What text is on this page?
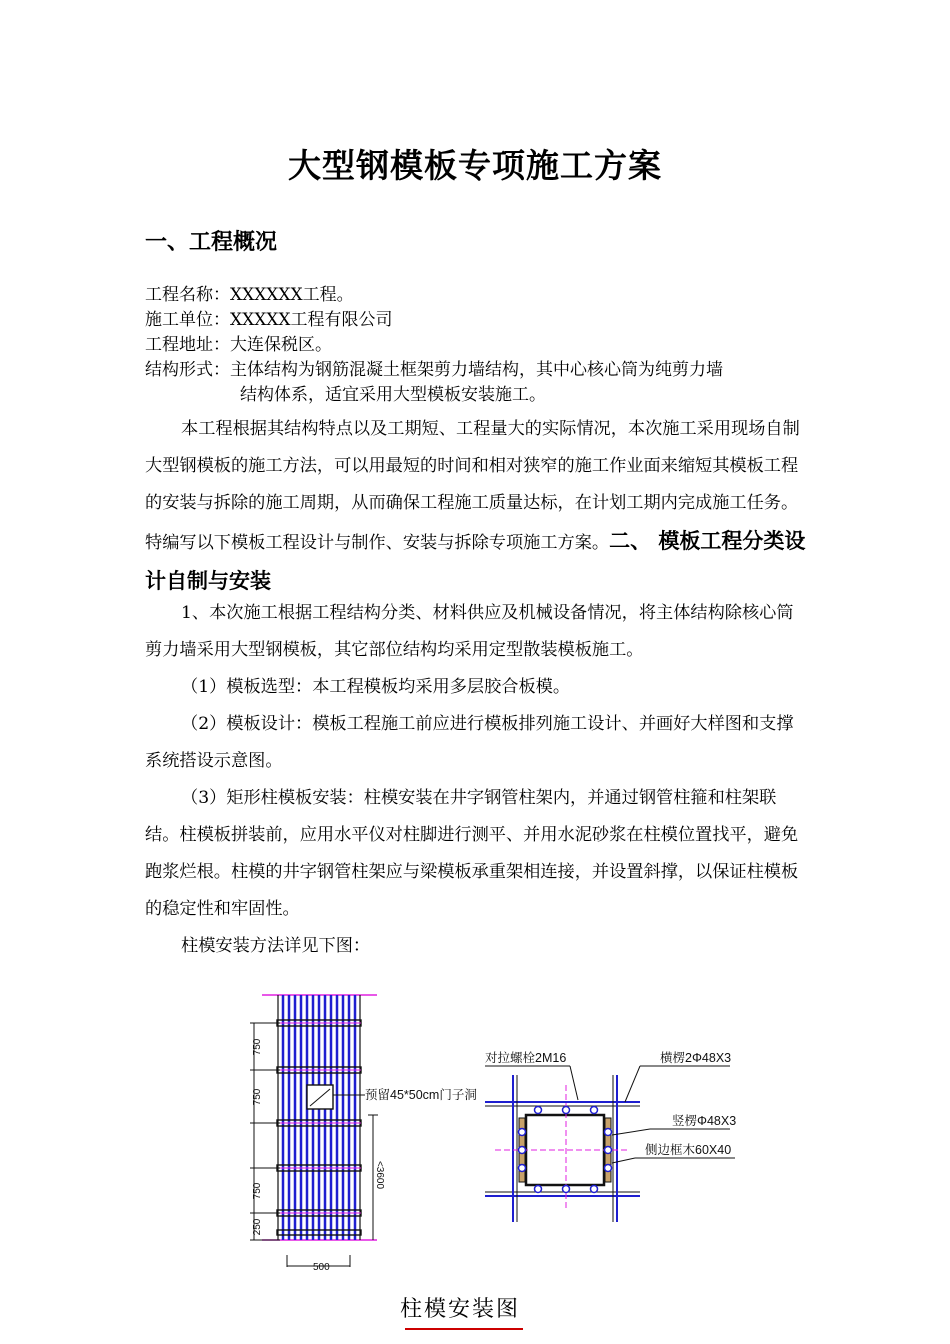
大型钢模板专项施工方案
一、工程概况
工程名称：XXXXXX工程。
施工单位：XXXXX工程有限公司
工程地址：大连保税区。
结构形式：主体结构为钢筋混凝土框架剪力墙结构，其中心核心筒为纯剪力墙
结构体系，适宜采用大型模板安装施工。
本工程根据其结构特点以及工期短、工程量大的实际情况，本次施工采用现场自制大型钢模板的施工方法，可以用最短的时间和相对狭窄的施工作业面来缩短其模板工程的安装与拆除的施工周期，从而确保工程施工质量达标，在计划工期内完成施工任务。特编写以下模板工程设计与制作、安装与拆除专项施工方案。二、 模板工程分类设计自制与安装
1、本次施工根据工程结构分类、材料供应及机械设备情况，将主体结构除核心筒剪力墙采用大型钢模板，其它部位结构均采用定型散装模板施工。
（1）模板选型：本工程模板均采用多层胶合板模。
（2）模板设计：模板工程施工前应进行模板排列施工设计、并画好大样图和支撑系统搭设示意图。
（3）矩形柱模板安装：柱模安装在井字钢管柱架内，并通过钢管柱箍和柱架联结。柱模板拼装前，应用水平仪对柱脚进行测平、并用水泥砂浆在柱模位置找平，避免跑浆烂根。柱模的井字钢管柱架应与梁模板承重架相连接，并设置斜撑，以保证柱模板的稳定性和牢固性。
柱模安装方法详见下图：
750
750
750
250
<3600
500
预留45*50cm门子洞
对拉螺栓2M16	横楞2Φ48X3
竖楞Φ48X3
侧边框木60X40
柱模安装图
